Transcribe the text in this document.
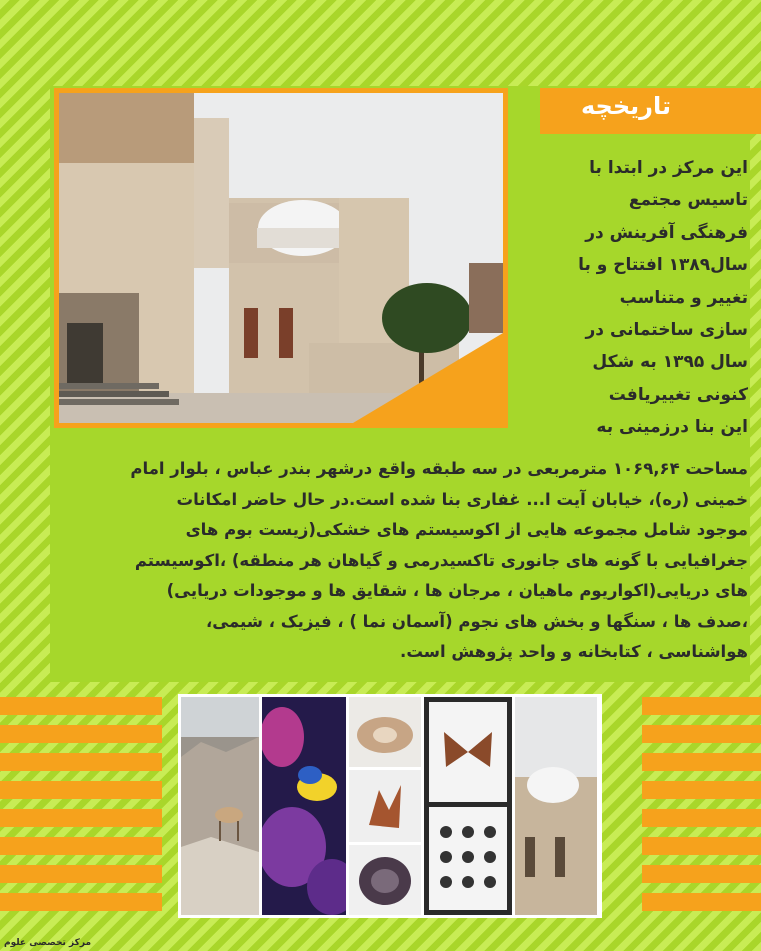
تاریخچه
این مرکز در ابتدا با
تاسیس مجتمع
فرهنگی آفرینش در
سال۱۳۸۹ افتتاح و با
تغییر و متناسب
سازی ساختمانی در
سال ۱۳۹۵ به شکل
کنونی تغییریافت
این بنا درزمینی به
مساحت ۱۰۶۹,۶۴ مترمربعی در سه طبقه واقع درشهر بندر عباس ، بلوار امام
خمینی (ره)، خیابان آیت ا... غفاری بنا شده است.در حال حاضر امکانات
موجود شامل مجموعه هایی از اکوسیستم های خشکی(زیست بوم های
جغرافیایی با گونه های جانوری تاکسیدرمی و گیاهان هر منطقه) ،اکوسیستم
های دریایی(اکواریوم ماهیان ، مرجان ها ، شقایق ها و موجودات دریایی)
،صدف ها ، سنگها و بخش های نجوم (آسمان نما ) ، فیزیک ، شیمی،
هواشناسی ، کتابخانه و واحد پژوهش است.
مرکز تخصصی علوم
